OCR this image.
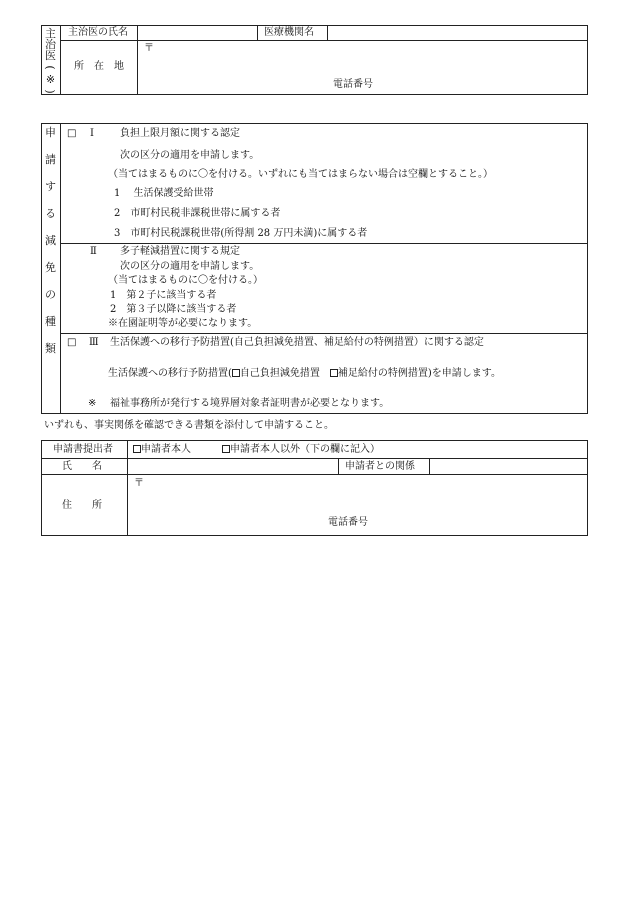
主
治
医
(
※
)
主治医の氏名	医療機関名
所　在　地
〒
電話番号
申
請
す
る
減
免
の
種
類
□ Ⅰ	負担上限月額に関する認定
次の区分の適用を申請します。
（当てはまるものに〇を付ける。いずれにも当てはまらない場合は空欄とすること。）
1　 生活保護受給世帯
2　市町村民税非課税世帯に属する者
3　市町村民税課税世帯(所得割 28 万円未満)に属する者
Ⅱ 多子軽減措置に関する規定
次の区分の適用を申請します。
（当てはまるものに〇を付ける。）
1　第２子に該当する者
2　第３子以降に該当する者
※在園証明等が必要になります。
□ Ⅲ 生活保護への移行予防措置(自己負担減免措置、補足給付の特例措置）に関する認定
生活保護への移行予防措置( 自己負担減免措置　補足給付の特例措置)を申請します。
※ 福祉事務所が発行する境界層対象者証明書が必要となります。
いずれも、事実関係を確認できる書類を添付して申請すること。
申請書提出者	申請者本人	申請者本人以外（下の欄に記入）
氏　　名	申請者との関係
住　　所
〒
電話番号
